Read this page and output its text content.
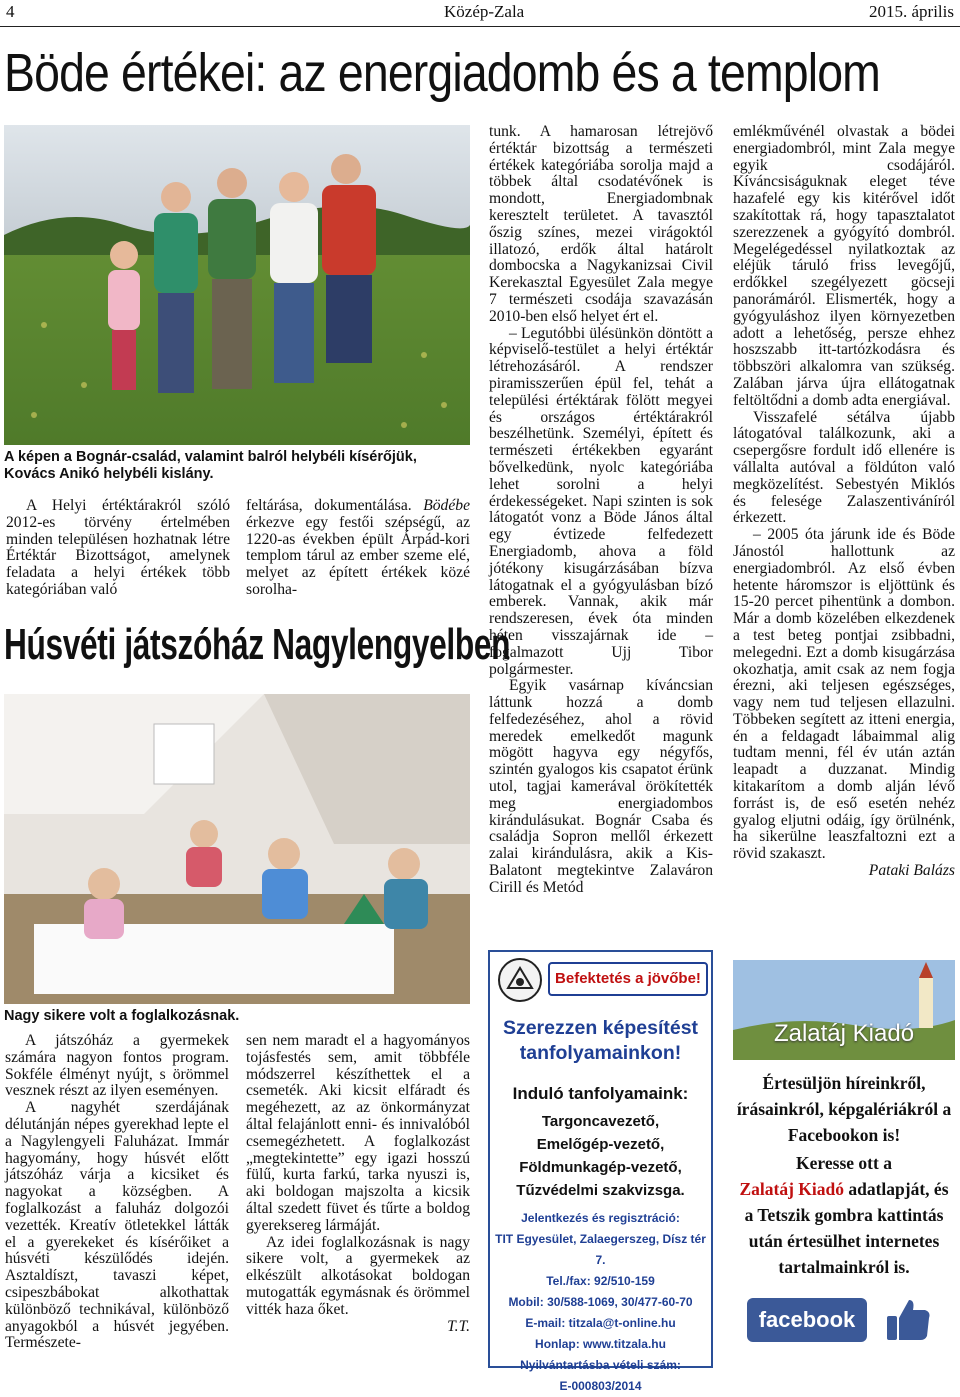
4	Közép-Zala	2015. április
Böde értékei: az energiadomb és a templom
A képen a Bognár-család, valamint balról helybéli kísérőjük, Kovács Anikó helybéli kislány.

A Helyi értéktárakról szóló 2012-es törvény értelmében minden településen hozhatnak létre Értéktár Bizottságot, amelynek feladata a helyi értékek több kategóriában való

feltárása, dokumentálása. Bödébe érkezve egy festői szépségű, az 1220-as években épült Árpád-kori templom tárul az ember szeme elé, melyet az épített értékek közé sorolha-

tunk. A hamarosan létrejövő értéktár bizottság a természeti értékek kategóriába sorolja majd a többek által csodatévőnek is mondott, Energiadombnak keresztelt területet. A tavasztól őszig színes, mezei virágoktól illatozó, erdők által határolt dombocska a Nagykanizsai Civil Kerekasztal Egyesület Zala megye 7 természeti csodája szavazásán 2010-ben első helyet ért el.

– Legutóbbi ülésünkön döntött a képviselő-testület a helyi értéktár létrehozásáról. A rendszer piramisszerűen épül fel, tehát a települési értéktárak fölött megyei és országos értéktárakról beszélhetünk. Személyi, épített és természeti értékekben egyaránt bővelkedünk, nyolc kategóriába lehet sorolni a helyi érdekességeket. Napi szinten is sok látogatót vonz a Böde János által egy évtizede felfedezett Energiadomb, ahova a föld jótékony kisugárzásában bízva látogatnak el a gyógyulásban bízó emberek. Vannak, akik már rendszeresen, évek óta minden héten visszajárnak ide – fogalmazott Ujj Tibor polgármester.

Egyik vasárnap kíváncsian láttunk hozzá a domb felfedezéséhez, ahol a rövid meredek emelkedőt magunk mögött hagyva egy négyfős, szintén gyalogos kis csapatot érünk utol, tagjai kamerával örökítették meg energiadombos kirándulásukat. Bognár Csaba és családja Sopron mellől érkezett zalai kirándulásra, akik a Kis-Balatont megtekintve Zalaváron Cirill és Metód

emlékművénél olvastak a bödei energiadombról, mint Zala megye egyik csodájáról. Kíváncsiságuknak eleget téve hazafelé egy kis kitérővel időt szakítottak rá, hogy tapasztalatot szerezzenek a gyógyító dombról. Megelégedéssel nyilatkoztak az eléjük táruló friss levegőjű, erdőkkel szegélyezett göcseji panorámáról. Elismerték, hogy a gyógyuláshoz ilyen környezetben adott a lehetőség, persze ehhez hoszszabb itt-tartózkodásra és többszöri alkalomra van szükség. Zalában járva újra ellátogatnak feltöltődni a domb adta energiával.

Visszafelé sétálva újabb látogatóval találkozunk, aki a csepergősre fordult idő ellenére is vállalta autóval a földúton való megközelítést. Sebestyén Miklós és felesége Zalaszentiváníról érkezett.

– 2005 óta járunk ide és Böde Jánostól hallottunk az energiadombról. Az első évben hetente háromszor is eljöttünk és 15-20 percet pihentünk a dombon. Már a domb közelében elkezdenek a test beteg pontjai zsibbadni, melegedni. Ezt a domb kisugárzása okozhatja, amit csak az nem fogja érezni, aki teljesen egészséges, vagy nem tud teljesen ellazulni. Többeken segített az itteni energia, én a feldagadt lábaimmal alig tudtam menni, fél év után aztán leapadt a duzzanat. Mindig kitakarítom a domb alján lévő forrást is, de eső esetén nehéz gyalog eljutni odáig, így örülnénk, ha sikerülne leaszfaltozni ezt a rövid szakaszt.

Pataki Balázs

Húsvéti játszóház Nagylengyelben
Nagy sikere volt a foglalkozásnak.

A játszóház a gyermekek számára nagyon fontos program. Sokféle élményt nyújt, s örömmel vesznek részt az ilyen eseményen.

A nagyhét szerdájának délutánján népes gyerekhad lepte el a Nagylengyeli Faluházat. Immár hagyomány, hogy húsvét előtt játszóház várja a kicsiket és nagyokat a községben. A foglalkozást a faluház dolgozói vezették. Kreatív ötletekkel látták el a gyerekeket és kísérőiket a húsvéti készülődés idején. Asztaldíszt, tavaszi képet, csipeszbábokat alkothattak különböző technikával, különböző anyagokból a húsvét jegyében. Természete-

sen nem maradt el a hagyományos tojásfestés sem, amit többféle módszerrel készíthettek el a csemeték. Aki kicsit elfáradt és megéhezett, az az önkormányzat által felajánlott enni- és innivalóból csemegézhetett. A foglalkozást „megtekintette” egy igazi hosszú fülű, kurta farkú, tarka nyuszi is, aki boldogan majszolta a kicsik által szedett füvet és tűrte a boldog gyereksereg lármáját.

Az idei foglalkozásnak is nagy sikere volt, a gyermekek az elkészült alkotásokat boldogan mutogatták egymásnak és örömmel vitték haza őket.

T.T.

Befektetés a jövőbe!
Szerezzen képesítést tanfolyamainkon!
Induló tanfolyamaink:
Targoncavezető,
Emelőgép-vezető,
Földmunkagép-vezető,
Tűzvédelmi szakvizsga.
Jelentkezés és regisztráció:
TIT Egyesület, Zalaegerszeg, Dísz tér 7.
Tel./fax: 92/510-159
Mobil: 30/588-1069, 30/477-60-70
E-mail: titzala@t-online.hu
Honlap: www.titzala.hu
Nyilvántartásba vételi szám:
E-000803/2014
Zalatáj Kiadó
Értesüljön híreinkről, írásainkról, képgalériákról a Facebookon is!
Keresse ott a
Zalatáj Kiadó adatlapját, és a Tetszik gombra kattintás után értesülhet internetes tartalmainkról is.
facebook
